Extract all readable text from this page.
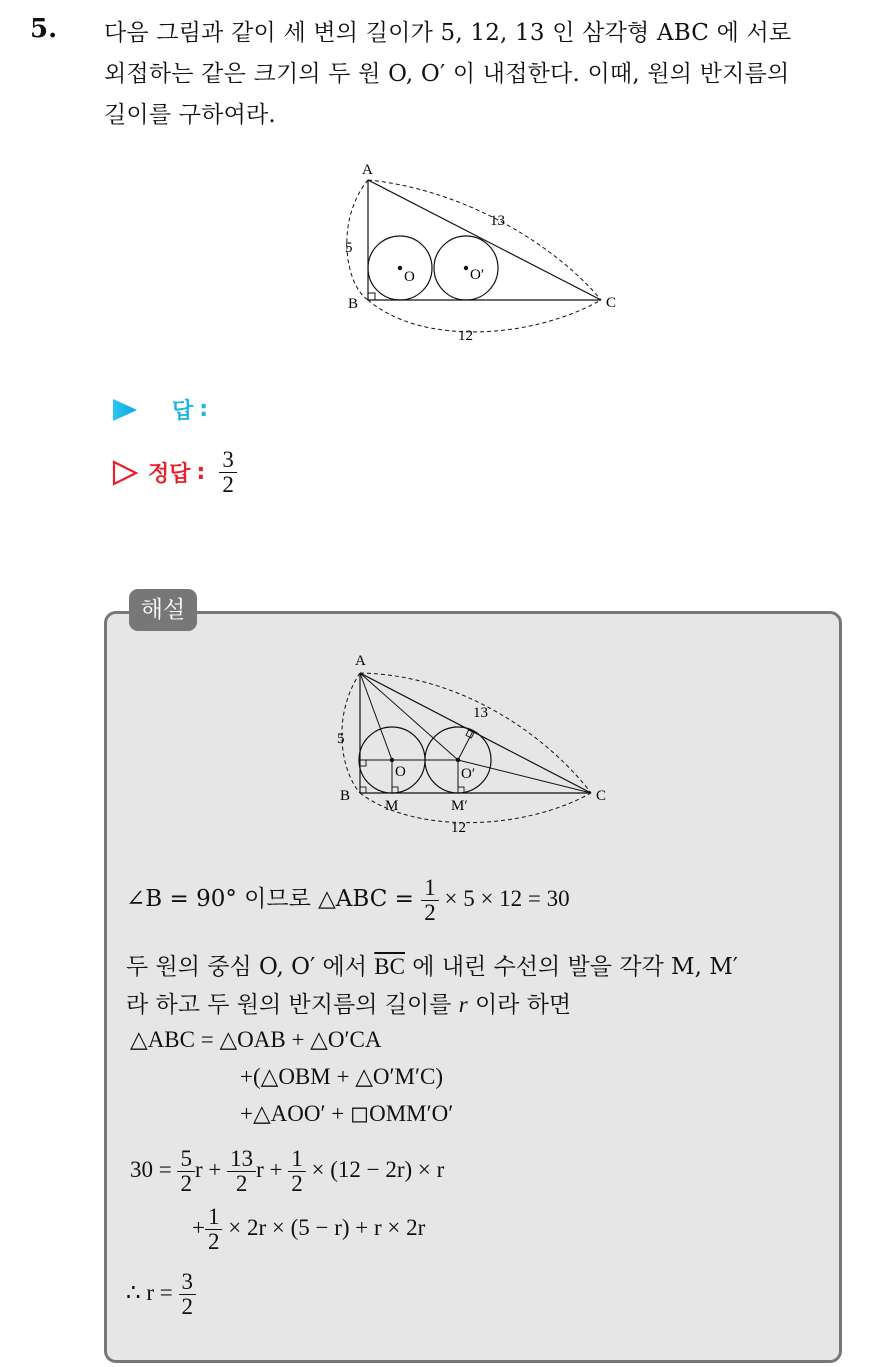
5. 다음 그림과 같이 세 변의 길이가 5, 12, 13 인 삼각형 ABC 에 서로
외접하는 같은 크기의 두 원 O, O′ 이 내접한다. 이때, 원의 반지름의
길이를 구하여라.
A
B	C
O	O′
5
12
13
답 :
정답 : $\frac{3}{2}$
해설
A
B	C
O	O′
M	M′
5
12
13
∠B = 90° 이므로 △ABC = $\frac{1}{2} \times 5 \times 12 = 30$
두 원의 중심 O, O′ 에서 $\overline{BC}$ 에 내린 수선의 발을 각각 M, M′
라 하고 두 원의 반지름의 길이를 r 이라 하면
△ABC = △OAB + △O′CA
+(△OBM + △O′M′C)
+△AOO′ + ◻OMM′O′
$30 = \frac{5}{2}$ $r + \frac{13}{2}$ $r + \frac{1}{2} \times (12 - 2r) \times r$
+ $\frac{1}{2} \times 2r \times (5 - r) + r \times 2r$
∴ $r = \frac{3}{2}$
